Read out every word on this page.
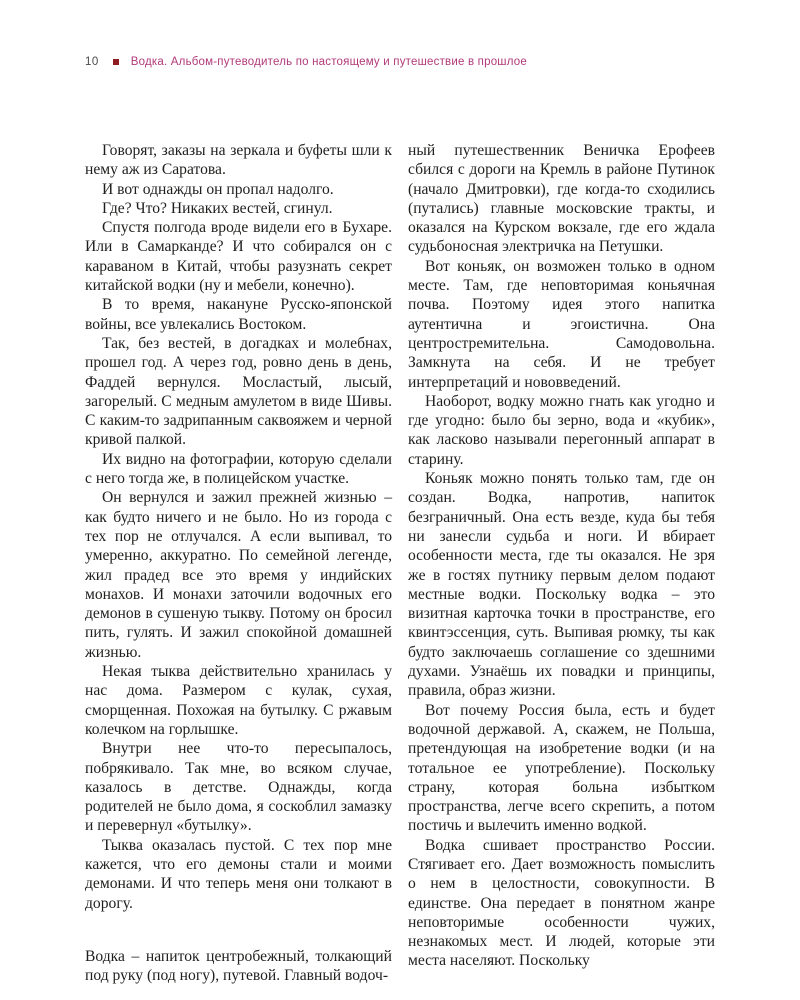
10	Водка. Альбом-путеводитель по настоящему и путешествие в прошлое

Говорят, заказы на зеркала и буфеты шли к нему аж из Саратова.

И вот однажды он пропал надолго.

Где? Что? Никаких вестей, сгинул.

Спустя полгода вроде видели его в Бухаре. Или в Самарканде? И что собирался он с караваном в Китай, чтобы разузнать секрет китайской водки (ну и мебели, конечно).

В то время, накануне Русско-японской войны, все увлекались Востоком.

Так, без вестей, в догадках и молебнах, прошел год. А через год, ровно день в день, Фаддей вернулся. Мосластый, лысый, загорелый. С медным амулетом в виде Шивы. С каким-то задрипанным саквояжем и черной кривой палкой.

Их видно на фотографии, которую сделали с него тогда же, в полицейском участке.

Он вернулся и зажил прежней жизнью – как будто ничего и не было. Но из города с тех пор не отлучался. А если выпивал, то умеренно, аккуратно. По семейной легенде, жил прадед все это время у индийских монахов. И монахи заточили водочных его демонов в сушеную тыкву. Потому он бросил пить, гулять. И зажил спокойной домашней жизнью.

Некая тыква действительно хранилась у нас дома. Размером с кулак, сухая, сморщенная. Похожая на бутылку. С ржавым колечком на горлышке.

Внутри нее что-то пересыпалось, побрякивало. Так мне, во всяком случае, казалось в детстве. Однажды, когда родителей не было дома, я соскоблил замазку и перевернул «бутылку».

Тыква оказалась пустой. С тех пор мне кажется, что его демоны стали и моими демонами. И что теперь меня они толкают в дорогу.

Водка – напиток центробежный, толкающий под руку (под ногу), путевой. Главный водоч-

ный путешественник Веничка Ерофеев сбился с дороги на Кремль в районе Путинок (начало Дмитровки), где когда-то сходились (путались) главные московские тракты, и оказался на Курском вокзале, где его ждала судьбоносная электричка на Петушки.

Вот коньяк, он возможен только в одном месте. Там, где неповторимая коньячная почва. Поэтому идея этого напитка аутентична и эгоистична. Она центростремительна. Самодовольна. Замкнута на себя. И не требует интерпретаций и нововведений.

Наоборот, водку можно гнать как угодно и где угодно: было бы зерно, вода и «кубик», как ласково называли перегонный аппарат в старину.

Коньяк можно понять только там, где он создан. Водка, напротив, напиток безграничный. Она есть везде, куда бы тебя ни занесли судьба и ноги. И вбирает особенности места, где ты оказался. Не зря же в гостях путнику первым делом подают местные водки. Поскольку водка – это визитная карточка точки в пространстве, его квинтэссенция, суть. Выпивая рюмку, ты как будто заключаешь соглашение со здешними духами. Узнаёшь их повадки и принципы, правила, образ жизни.

Вот почему Россия была, есть и будет водочной державой. А, скажем, не Польша, претендующая на изобретение водки (и на тотальное ее употребление). Поскольку страну, которая больна избытком пространства, легче всего скрепить, а потом постичь и вылечить именно водкой.

Водка сшивает пространство России. Стягивает его. Дает возможность помыслить о нем в целостности, совокупности. В единстве. Она передает в понятном жанре неповторимые особенности чужих, незнакомых мест. И людей, которые эти места населяют. Поскольку
